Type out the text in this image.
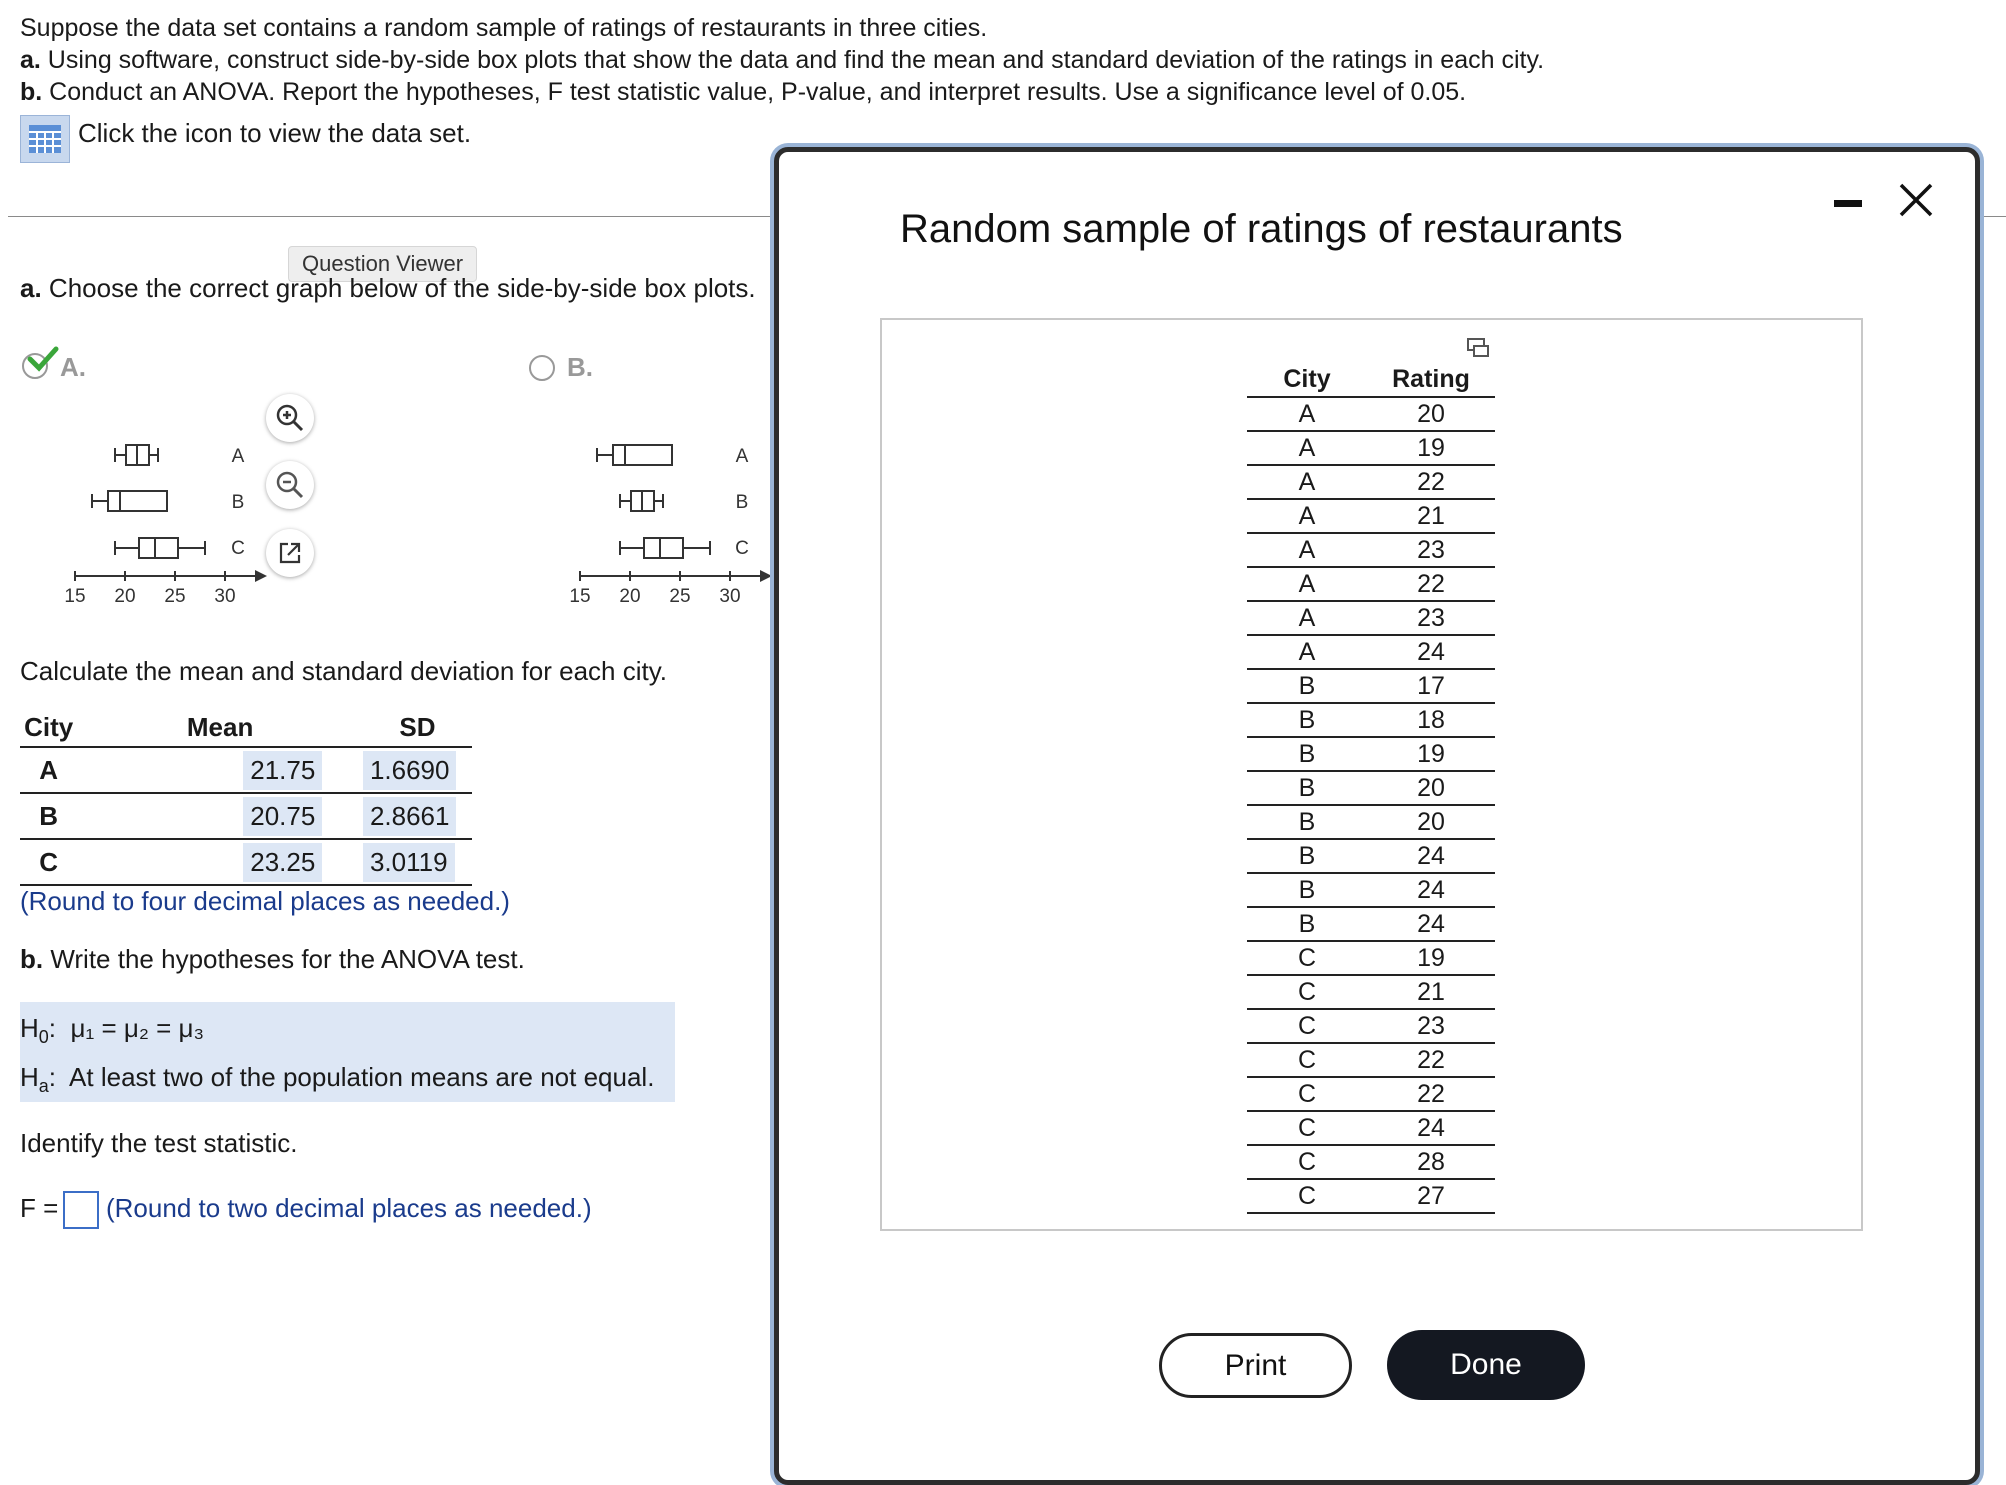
Suppose the data set contains a random sample of ratings of restaurants in three cities.
a. Using software, construct side-by-side box plots that show the data and find the mean and standard deviation of the ratings in each city.
b. Conduct an ANOVA. Report the hypotheses, F test statistic value, P-value, and interpret results. Use a significance level of 0.05.
Click the icon to view the data set.
Question Viewer
a. Choose the correct graph below of the side-by-side box plots.
A.
A
B
C
15 20 25 30
B.
A
B
C
15 20 25 30
Calculate the mean and standard deviation for each city.
City	Mean	SD
A	21.75	1.6690
B	20.75	2.8661
C	23.25	3.0119
(Round to four decimal places as needed.)
b. Write the hypotheses for the ANOVA test.
$H_0$:  μ₁ = μ₂ = μ₃
$H_a$:  At least two of the population means are not equal.
Identify the test statistic.
F = (Round to two decimal places as needed.)
Random sample of ratings of restaurants
City	Rating
A	20
A	19
A	22
A	21
A	23
A	22
A	23
A	24
B	17
B	18
B	19
B	20
B	20
B	24
B	24
B	24
C	19
C	21
C	23
C	22
C	22
C	24
C	28
C	27
Print	Done
